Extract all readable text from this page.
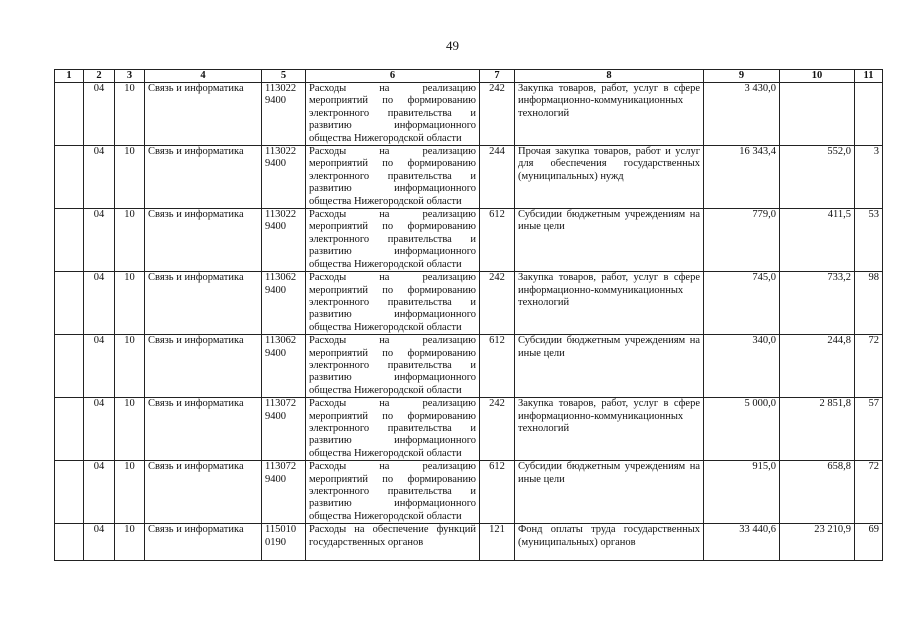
49
1	2	3	4	5	6	7	8	9	10	11
	04	10	Связь и информатика	113022 9400	Расходы на реализацию мероприятий по формированию электронного правительства и развитию информационного общества Нижегородской области	242	Закупка товаров, работ, услуг в сфере информационно-коммуникационных технологий	3 430,0		
	04	10	Связь и информатика	113022 9400	Расходы на реализацию мероприятий по формированию электронного правительства и развитию информационного общества Нижегородской области	244	Прочая закупка товаров, работ и услуг для обеспечения государственных (муниципальных) нужд	16 343,4	552,0	3
	04	10	Связь и информатика	113022 9400	Расходы на реализацию мероприятий по формированию электронного правительства и развитию информационного общества Нижегородской области	612	Субсидии бюджетным учреждениям на иные цели	779,0	411,5	53
	04	10	Связь и информатика	113062 9400	Расходы на реализацию мероприятий по формированию электронного правительства и развитию информационного общества Нижегородской области	242	Закупка товаров, работ, услуг в сфере информационно-коммуникационных технологий	745,0	733,2	98
	04	10	Связь и информатика	113062 9400	Расходы на реализацию мероприятий по формированию электронного правительства и развитию информационного общества Нижегородской области	612	Субсидии бюджетным учреждениям на иные цели	340,0	244,8	72
	04	10	Связь и информатика	113072 9400	Расходы на реализацию мероприятий по формированию электронного правительства и развитию информационного общества Нижегородской области	242	Закупка товаров, работ, услуг в сфере информационно-коммуникационных технологий	5 000,0	2 851,8	57
	04	10	Связь и информатика	113072 9400	Расходы на реализацию мероприятий по формированию электронного правительства и развитию информационного общества Нижегородской области	612	Субсидии бюджетным учреждениям на иные цели	915,0	658,8	72
	04	10	Связь и информатика	115010 0190	Расходы на обеспечение функций государственных органов	121	Фонд оплаты труда государственных (муниципальных) органов	33 440,6	23 210,9	69
